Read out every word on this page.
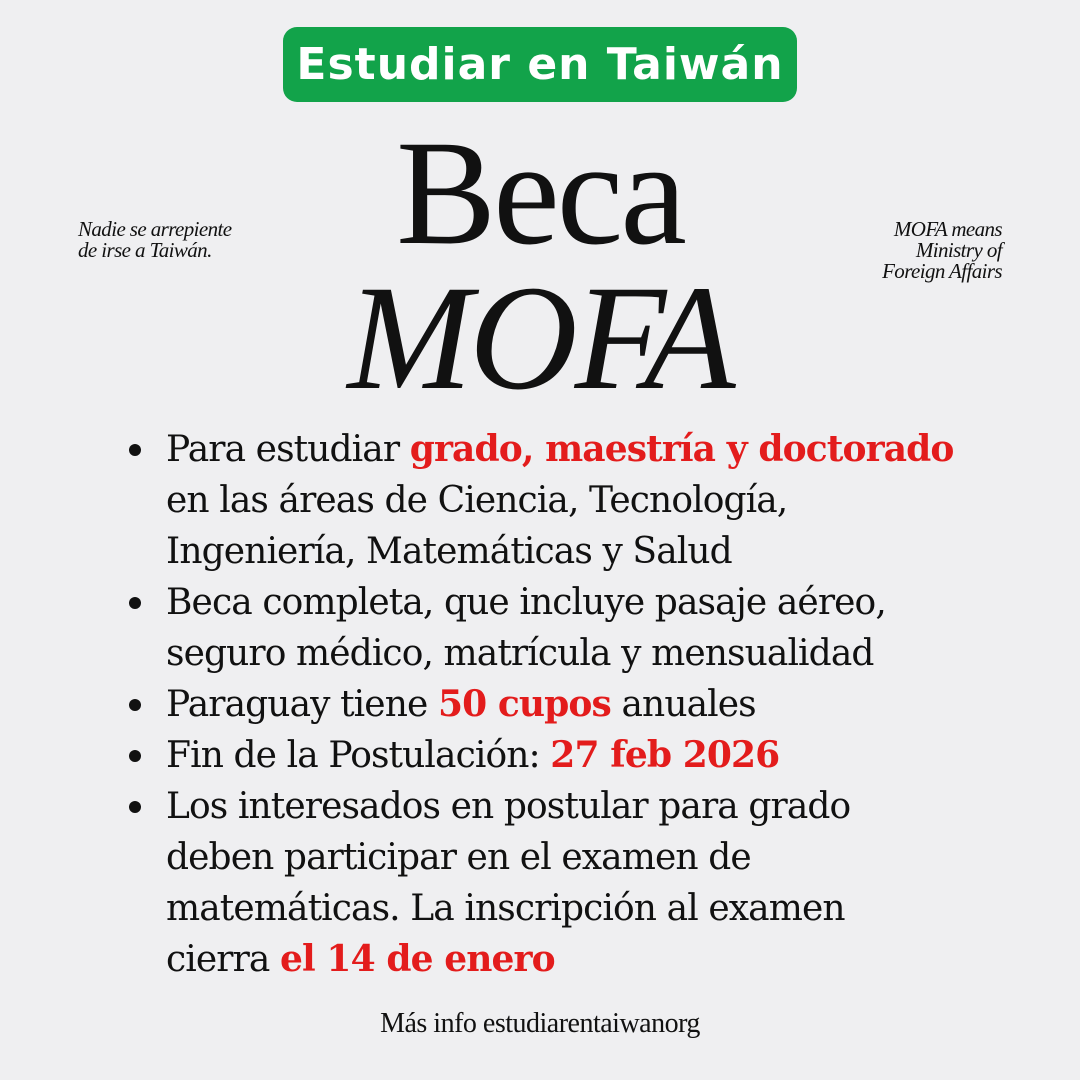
Estudiar en Taiwán
Beca
MOFA
Nadie se arrepiente
de irse a Taiwán.
MOFA means
Ministry of
Foreign Affairs
Para estudiar grado, maestría y doctorado
en las áreas de Ciencia, Tecnología,
Ingeniería, Matemáticas y Salud
Beca completa, que incluye pasaje aéreo,
seguro médico, matrícula y mensualidad
Paraguay tiene 50 cupos anuales
Fin de la Postulación: 27 feb 2026
Los interesados en postular para grado
deben participar en el examen de
matemáticas. La inscripción al examen
cierra el 14 de enero
Más info estudiarentaiwanorg
